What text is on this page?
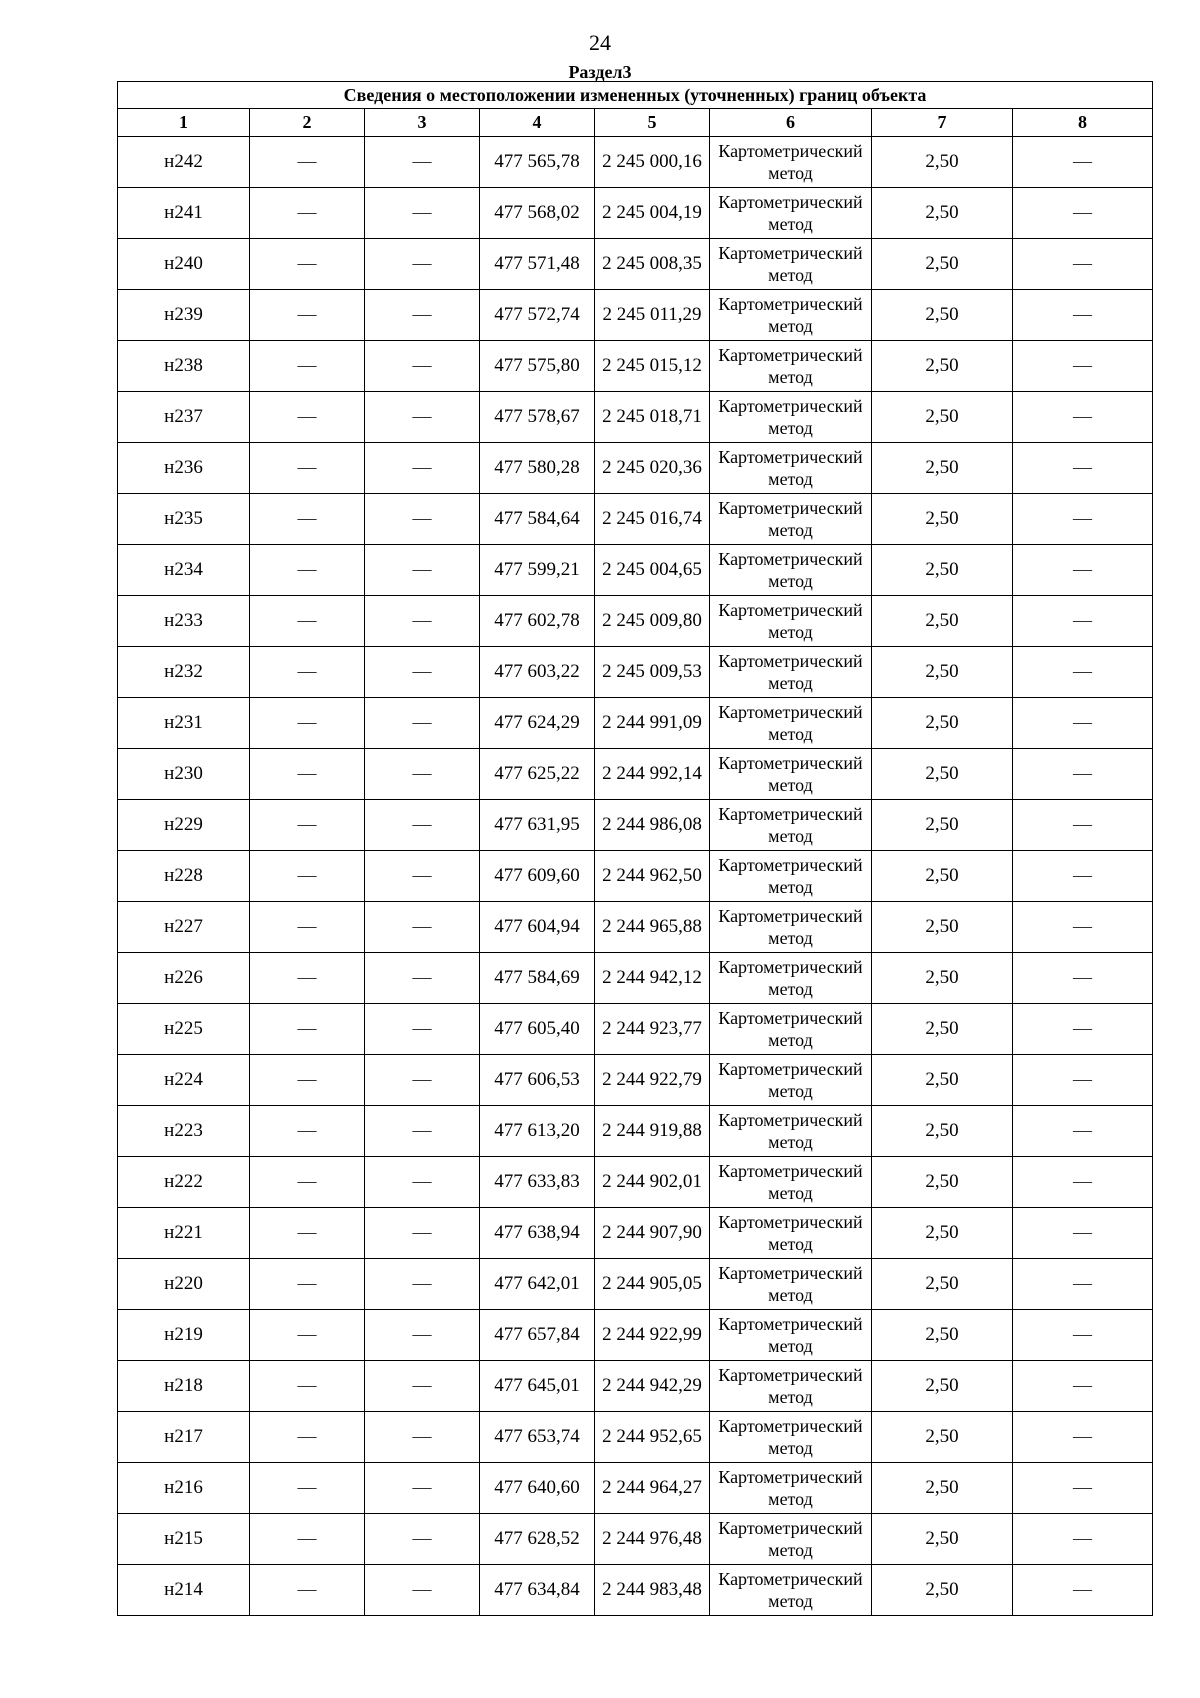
24
Раздел3
Сведения о местоположении измененных (уточненных) границ объекта							
1	2	3	4	5	6	7	8
н242	—	—	477 565,78	2 245 000,16	Картометрический метод	2,50	—
н241	—	—	477 568,02	2 245 004,19	Картометрический метод	2,50	—
н240	—	—	477 571,48	2 245 008,35	Картометрический метод	2,50	—
н239	—	—	477 572,74	2 245 011,29	Картометрический метод	2,50	—
н238	—	—	477 575,80	2 245 015,12	Картометрический метод	2,50	—
н237	—	—	477 578,67	2 245 018,71	Картометрический метод	2,50	—
н236	—	—	477 580,28	2 245 020,36	Картометрический метод	2,50	—
н235	—	—	477 584,64	2 245 016,74	Картометрический метод	2,50	—
н234	—	—	477 599,21	2 245 004,65	Картометрический метод	2,50	—
н233	—	—	477 602,78	2 245 009,80	Картометрический метод	2,50	—
н232	—	—	477 603,22	2 245 009,53	Картометрический метод	2,50	—
н231	—	—	477 624,29	2 244 991,09	Картометрический метод	2,50	—
н230	—	—	477 625,22	2 244 992,14	Картометрический метод	2,50	—
н229	—	—	477 631,95	2 244 986,08	Картометрический метод	2,50	—
н228	—	—	477 609,60	2 244 962,50	Картометрический метод	2,50	—
н227	—	—	477 604,94	2 244 965,88	Картометрический метод	2,50	—
н226	—	—	477 584,69	2 244 942,12	Картометрический метод	2,50	—
н225	—	—	477 605,40	2 244 923,77	Картометрический метод	2,50	—
н224	—	—	477 606,53	2 244 922,79	Картометрический метод	2,50	—
н223	—	—	477 613,20	2 244 919,88	Картометрический метод	2,50	—
н222	—	—	477 633,83	2 244 902,01	Картометрический метод	2,50	—
н221	—	—	477 638,94	2 244 907,90	Картометрический метод	2,50	—
н220	—	—	477 642,01	2 244 905,05	Картометрический метод	2,50	—
н219	—	—	477 657,84	2 244 922,99	Картометрический метод	2,50	—
н218	—	—	477 645,01	2 244 942,29	Картометрический метод	2,50	—
н217	—	—	477 653,74	2 244 952,65	Картометрический метод	2,50	—
н216	—	—	477 640,60	2 244 964,27	Картометрический метод	2,50	—
н215	—	—	477 628,52	2 244 976,48	Картометрический метод	2,50	—
н214	—	—	477 634,84	2 244 983,48	Картометрический метод	2,50	—
